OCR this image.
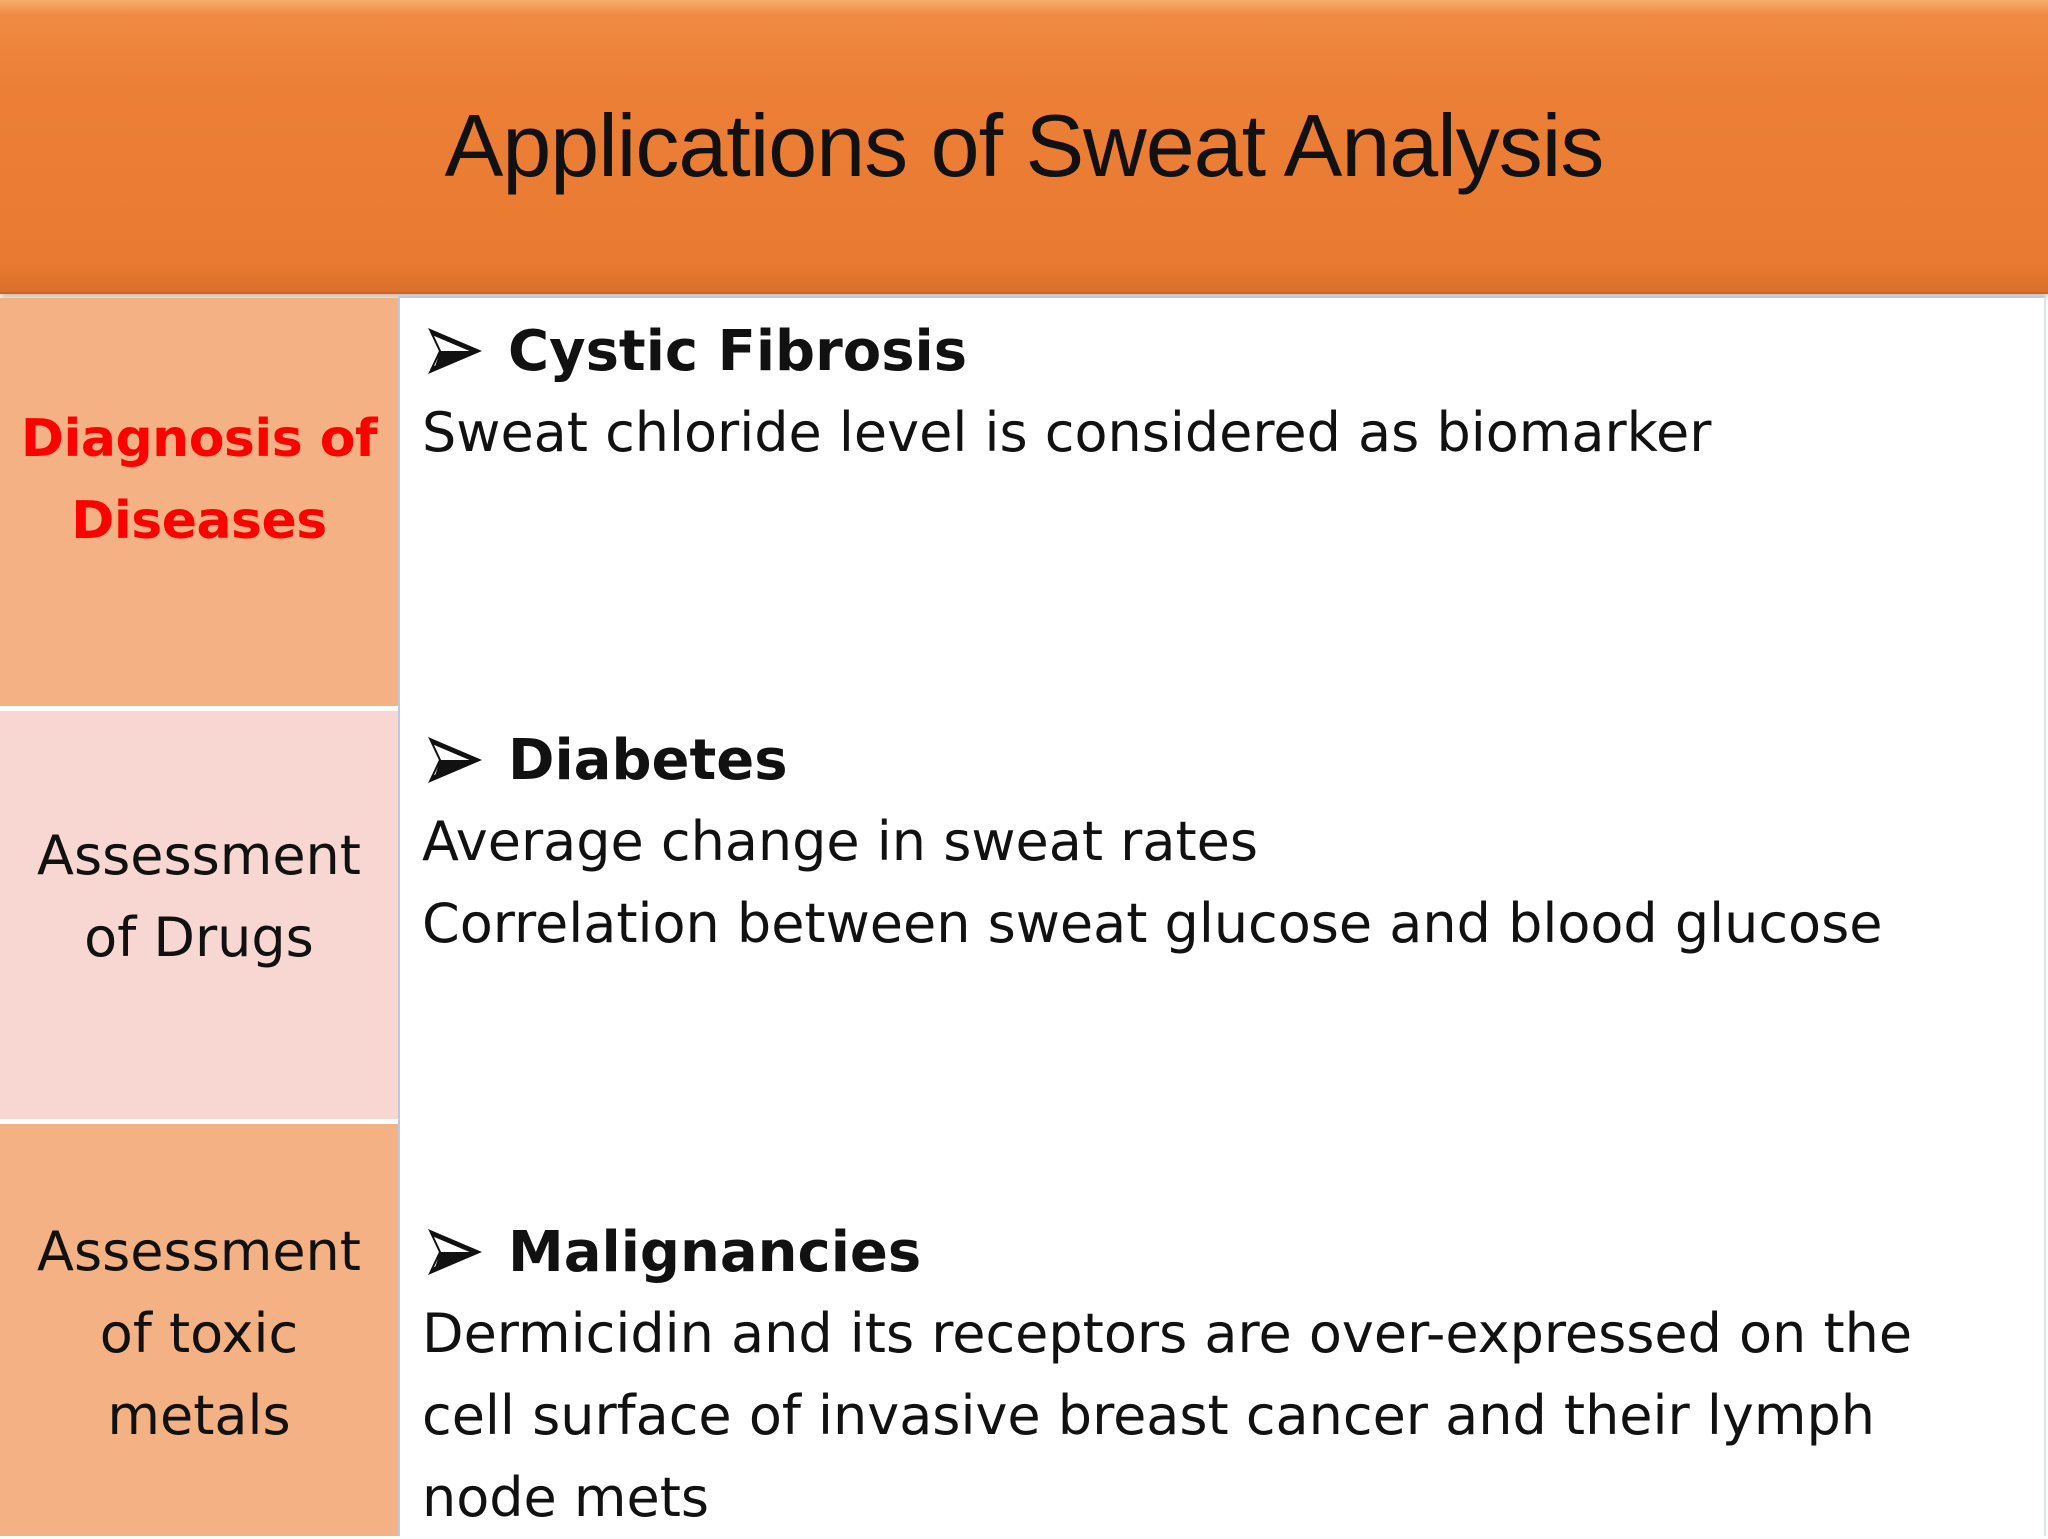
Applications of Sweat Analysis
Diagnosis of
Diseases
Assessment
of Drugs
Assessment
of toxic
metals
Cystic Fibrosis
Sweat chloride level is considered as biomarker
Diabetes
Average change in sweat rates
Correlation between sweat glucose and blood glucose
Malignancies
Dermicidin and its receptors are over-expressed on the
cell surface of invasive breast cancer and their lymph
node mets
